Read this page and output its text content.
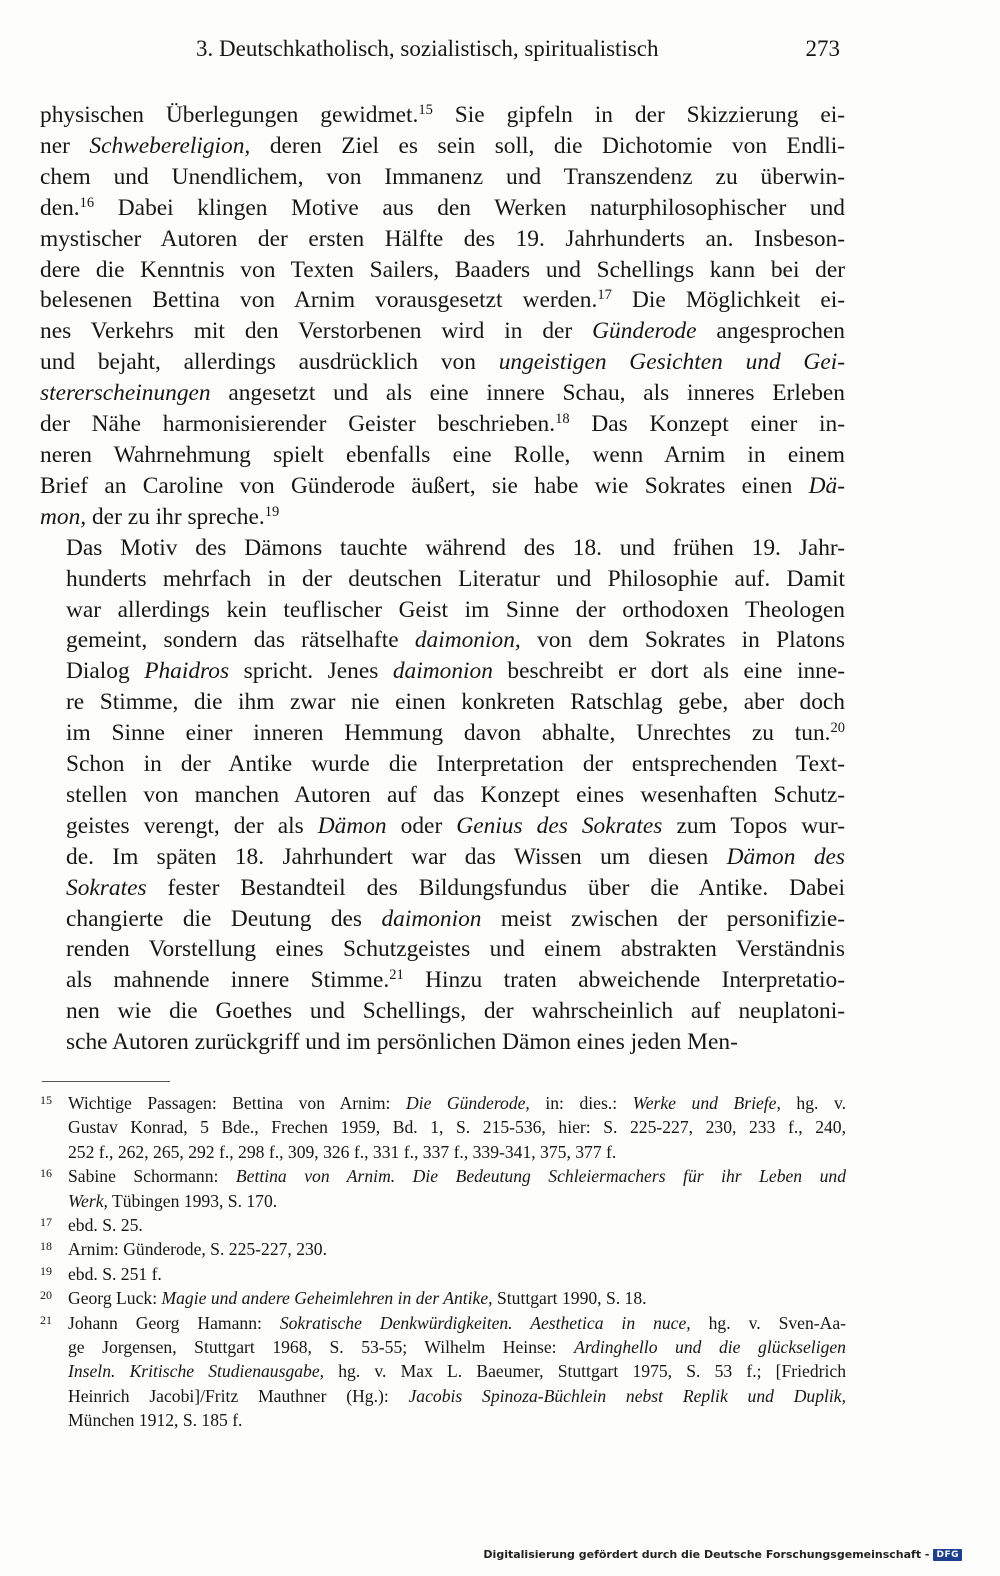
3. Deutschkatholisch, sozialistisch, spiritualistisch	273

physischen Überlegungen gewidmet.$^{15}$ Sie gipfeln in der Skizzierung ei-
ner Schwebereligion, deren Ziel es sein soll, die Dichotomie von Endli-
chem und Unendlichem, von Immanenz und Transzendenz zu überwin-
den.$^{16}$ Dabei klingen Motive aus den Werken naturphilosophischer und
mystischer Autoren der ersten Hälfte des 19. Jahrhunderts an. Insbeson-
dere die Kenntnis von Texten Sailers, Baaders und Schellings kann bei der
belesenen Bettina von Arnim vorausgesetzt werden.$^{17}$ Die Möglichkeit ei-
nes Verkehrs mit den Verstorbenen wird in der Günderode angesprochen
und bejaht, allerdings ausdrücklich von ungeistigen Gesichten und Gei-
stererscheinungen angesetzt und als eine innere Schau, als inneres Erleben
der Nähe harmonisierender Geister beschrieben.$^{18}$ Das Konzept einer in-
neren Wahrnehmung spielt ebenfalls eine Rolle, wenn Arnim in einem
Brief an Caroline von Günderode äußert, sie habe wie Sokrates einen Dä-
mon, der zu ihr spreche.$^{19}$

Das Motiv des Dämons tauchte während des 18. und frühen 19. Jahr-
hunderts mehrfach in der deutschen Literatur und Philosophie auf. Damit
war allerdings kein teuflischer Geist im Sinne der orthodoxen Theologen
gemeint, sondern das rätselhafte daimonion, von dem Sokrates in Platons
Dialog Phaidros spricht. Jenes daimonion beschreibt er dort als eine inne-
re Stimme, die ihm zwar nie einen konkreten Ratschlag gebe, aber doch
im Sinne einer inneren Hemmung davon abhalte, Unrechtes zu tun.$^{20}$
Schon in der Antike wurde die Interpretation der entsprechenden Text-
stellen von manchen Autoren auf das Konzept eines wesenhaften Schutz-
geistes verengt, der als Dämon oder Genius des Sokrates zum Topos wur-
de. Im späten 18. Jahrhundert war das Wissen um diesen Dämon des
Sokrates fester Bestandteil des Bildungsfundus über die Antike. Dabei
changierte die Deutung des daimonion meist zwischen der personifizie-
renden Vorstellung eines Schutzgeistes und einem abstrakten Verständnis
als mahnende innere Stimme.$^{21}$ Hinzu traten abweichende Interpretatio-
nen wie die Goethes und Schellings, der wahrscheinlich auf neuplatoni-
sche Autoren zurückgriff und im persönlichen Dämon eines jeden Men-

15 Wichtige Passagen: Bettina von Arnim: Die Günderode, in: dies.: Werke und Briefe, hg. v.
Gustav Konrad, 5 Bde., Frechen 1959, Bd. 1, S. 215-536, hier: S. 225-227, 230, 233 f., 240,
252 f., 262, 265, 292 f., 298 f., 309, 326 f., 331 f., 337 f., 339-341, 375, 377 f.
16 Sabine Schormann: Bettina von Arnim. Die Bedeutung Schleiermachers für ihr Leben und
Werk, Tübingen 1993, S. 170.
17 ebd. S. 25.
18 Arnim: Günderode, S. 225-227, 230.
19 ebd. S. 251 f.
20 Georg Luck: Magie und andere Geheimlehren in der Antike, Stuttgart 1990, S. 18.
21 Johann Georg Hamann: Sokratische Denkwürdigkeiten. Aesthetica in nuce, hg. v. Sven-Aa-
ge Jorgensen, Stuttgart 1968, S. 53-55; Wilhelm Heinse: Ardinghello und die glückseligen
Inseln. Kritische Studienausgabe, hg. v. Max L. Baeumer, Stuttgart 1975, S. 53 f.; [Friedrich
Heinrich Jacobi]/Fritz Mauthner (Hg.): Jacobis Spinoza-Büchlein nebst Replik und Duplik,
München 1912, S. 185 f.
Digitalisierung gefördert durch die Deutsche Forschungsgemeinschaft - DFG
